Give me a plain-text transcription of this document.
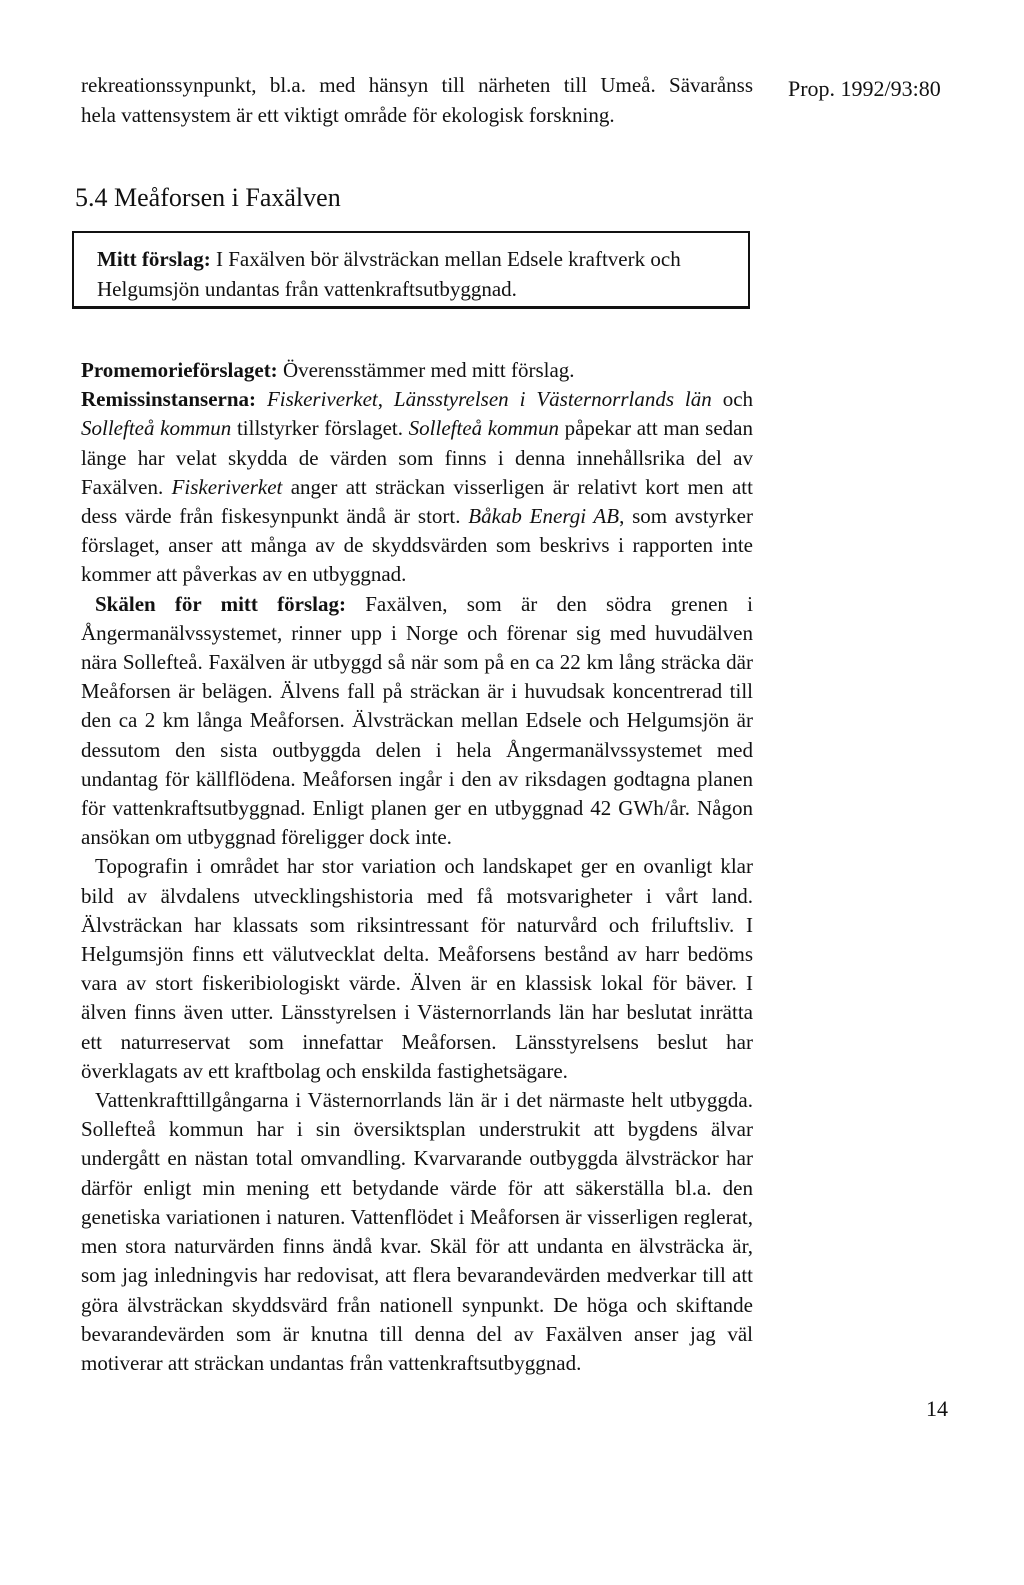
rekreationssynpunkt, bl.a. med hänsyn till närheten till Umeå. Sävarånss
hela vattensystem är ett viktigt område för ekologisk forskning.
Prop. 1992/93:80
5.4 Meåforsen i Faxälven
Mitt förslag: I Faxälven bör älvsträckan mellan Edsele kraftverk och
Helgumsjön undantas från vattenkraftsutbyggnad.

Promemorieförslaget: Överensstämmer med mitt förslag.

Remissinstanserna: Fiskeriverket, Länsstyrelsen i Västernorrlands län och Sollefteå kommun tillstyrker förslaget. Sollefteå kommun påpekar att man sedan länge har velat skydda de värden som finns i denna innehållsrika del av Faxälven. Fiskeriverket anger att sträckan visserligen är relativt kort men att dess värde från fiskesynpunkt ändå är stort. Båkab Energi AB, som avstyrker förslaget, anser att många av de skyddsvärden som beskrivs i rapporten inte kommer att påverkas av en utbyggnad.

Skälen för mitt förslag: Faxälven, som är den södra grenen i Ångermanälvssystemet, rinner upp i Norge och förenar sig med huvudälven nära Sollefteå. Faxälven är utbyggd så när som på en ca 22 km lång sträcka där Meåforsen är belägen. Älvens fall på sträckan är i huvudsak koncentrerad till den ca 2 km långa Meåforsen. Älvsträckan mellan Edsele och Helgumsjön är dessutom den sista outbyggda delen i hela Ångermanälvssystemet med undantag för källflödena. Meåforsen ingår i den av riksdagen godtagna planen för vattenkraftsutbyggnad. Enligt planen ger en utbyggnad 42 GWh/år. Någon ansökan om utbyggnad föreligger dock inte.

Topografin i området har stor variation och landskapet ger en ovanligt klar bild av älvdalens utvecklingshistoria med få motsvarigheter i vårt land. Älvsträckan har klassats som riksintressant för naturvård och friluftsliv. I Helgumsjön finns ett välutvecklat delta. Meåforsens bestånd av harr bedöms vara av stort fiskeribiologiskt värde. Älven är en klassisk lokal för bäver. I älven finns även utter. Länsstyrelsen i Västernorrlands län har beslutat inrätta ett naturreservat som innefattar Meåforsen. Länsstyrelsens beslut har överklagats av ett kraftbolag och enskilda fastighetsägare.

Vattenkrafttillgångarna i Västernorrlands län är i det närmaste helt utbyggda. Sollefteå kommun har i sin översiktsplan understrukit att bygdens älvar undergått en nästan total omvandling. Kvarvarande outbyggda älvsträckor har därför enligt min mening ett betydande värde för att säkerställa bl.a. den genetiska variationen i naturen. Vattenflödet i Meåforsen är visserligen reglerat, men stora naturvärden finns ändå kvar. Skäl för att undanta en älvsträcka är, som jag inledningvis har redovisat, att flera bevarandevärden medverkar till att göra älvsträckan skyddsvärd från nationell synpunkt. De höga och skiftande bevarandevärden som är knutna till denna del av Faxälven anser jag väl motiverar att sträckan undantas från vattenkraftsutbyggnad.

14
